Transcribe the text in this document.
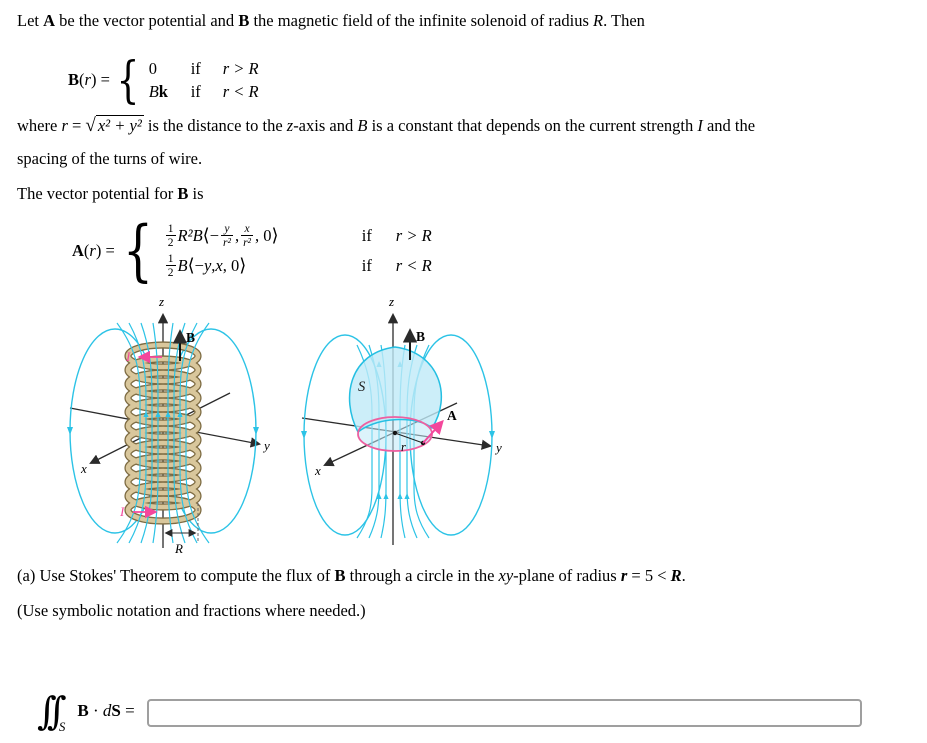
Let A be the vector potential and B the magnetic field of the infinite solenoid of radius R. Then
B(r) = { 0	if	r > R
B k if	r < R
where r = √ x² + y² is the distance to the z-axis and B is a constant that depends on the current strength I and the
spacing of the turns of wire.
The vector potential for B is
A(r) = { $\frac{1}{2} R^2$ B ⟨ − $\frac{y}{\text{r²}}$ , $\frac{x}{\text{r²}}$ , 0 ⟩	if	r > R
$\frac{1}{2}$ B ⟨ − y , x , 0 ⟩	if	r < R
B
I
I
R
z
y
x
r
A
B
S
z
y
x
(a) Use Stokes' Theorem to compute the flux of B through a circle in the xy-plane of radius r = 5 < R.
(Use symbolic notation and fractions where needed.)
∫∫ S
B · dS =
